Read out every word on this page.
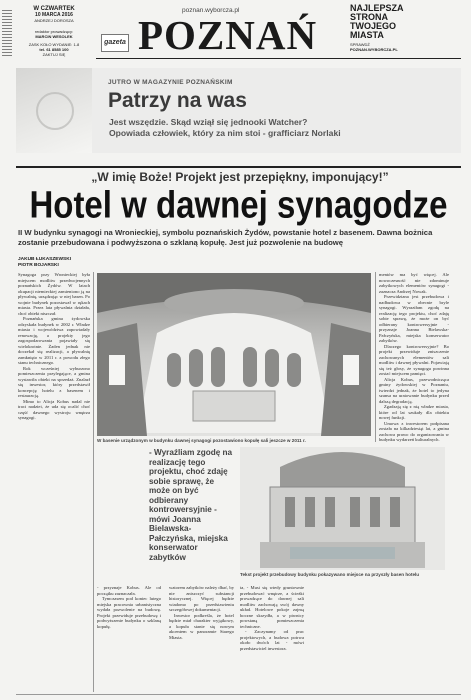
W CZWARTEK
10 MARCA 2016
ANDRZEJ DOROSZA
redaktor prowadzący:
MARCIN WESOLEK
ZASK KOŁO WYDANIE: 1-8
tel. 61 8585 100
ZAKTUJ SIĘ
poznan.wyborcza.pl
gazeta POZNAŃ
NAJLEPSZA
STRONA
TWOJEGO
MIASTA
SPRAWDŹ
POZNAN.WYBORCZA.PL
JUTRO W MAGAZYNIE POZNAŃSKIM
Patrzy na was
Jest wszędzie. Skąd wziął się jednooki Watcher?
Opowiada człowiek, który za nim stoi - grafficiarz Norlaki
„W imię Boże! Projekt jest przepiękny, imponujący!”
Hotel w dawnej synagodze
II W budynku synagogi na Wronieckiej, symbolu poznańskich Żydów, powstanie hotel z basenem. Dawna bożnica zostanie przebudowana i podwyższona o szklaną kopułę. Jest już pozwolenie na budowę
JAKUB ŁUKASZEWSKI
PIOTR BOJARSKI
W basenie urządzonym w budynku dawnej synagogi pozostawiono kopułę sali jeszcze w 2011 r.
- Wyraźliam zgodę na realizację tego projektu, choć zdaję sobie sprawę, że może on być odbierany kontrowersyjnie - mówi Joanna Bielawska-Pałczyńska, miejska konserwator zabytków
Tekst projekt przebudowy budynku pokazywano miejsce na przyszły basen hotelu

Synagoga przy Wronieckiej była miejscem modlitw przedwojennych poznańskich Żydów. W latach okupacji niemieckiej zamieniono ją na pływalnię, urządzając w niej basen. Po wojnie budynek pozostawał w rękach miasta. Przez lata pływalnia działała, choć obiekt niszczał.

Poznańska gmina żydowska odzyskała budynek w 2002 r. Władze miasta i województwa zapowiadały renowację, a projekty jego zagospodarowania pojawiały się wielokrotnie. Żaden jednak nie doczekał się realizacji, a pływalnię zamknięto w 2011 r. z powodu złego stanu technicznego.

Rok wcześniej wyburzono pomieszczenia przylegające, a gmina wystawiła obiekt na sprzedaż. Znalazł się inwestor, który przedstawił koncepcję hotelu z basenem i restauracją.

Mimo to Alicja Kobus nadal nie traci nadziei, że uda się ocalić choć część dawnego wystroju wnętrza synagogi.

- przyznaje Kobus. Ale od początku zaznaczała.

Tymczasem pod koniec lutego miejska pracownia urbanistyczna wydała pozwolenie na budowę. Projekt przewiduje przebudowę i podwyższenie budynku o szklaną kopułę.

watorem zabytków należy dbać, by nie zniszczyć substancji historycznej. Więcej będzie wiadomo po przedstawieniu szczegółowej dokumentacji.

Inwestor podkreśla, że hotel będzie miał charakter wyjątkowy, a kopuła stanie się nowym akcentem w panoramie Starego Miasta.

ta, - Musi się wtedy gruntownie przebudować wnętrze, a ścieżki prowadzące do dawnej sali modlitw zachowają swój dawny układ. Hotelowe pokoje zajmą boczne skrzydła, a w piwnicy powstaną pomieszczenia techniczne.

- Zaczynamy od prac projektowych, a budowa potrwa około dwóch lat - mówi przedstawiciel inwestora.

mentów ma być więcej. Ale nowoczesność nie zdominuje zabytkowych elementów synagogi - zaznacza Andrzej Nowak.

Przewidziana jest przebudowa i nadbudowa w obecnie bryle synagogi. Wyraziłam zgodę na realizację tego projektu, choć zdaję sobie sprawę, że może on być odbierany kontrowersyjnie - przyznaje Joanna Bielawska-Pałczyńska, miejska konserwator zabytków.

Dlaczego kontrowersyjnie? Bo projekt przewiduje zniszczenie zachowanych elementów sali modlitw i dawnej pływalni. Pojawiają się też głosy, że synagoga powinna zostać miejscem pamięci.

Alicja Kobus, przewodnicząca gminy żydowskiej w Poznaniu, twierdzi jednak, że hotel to jedyna szansa na uratowanie budynku przed dalszą degradacją.

Zgadzają się z nią władze miasta, które od lat szukały dla obiektu nowej funkcji.

Umowa z inwestorem podpisana została na kilkadziesiąt lat, a gmina zachowa prawo do organizowania w budynku wydarzeń kulturalnych.
